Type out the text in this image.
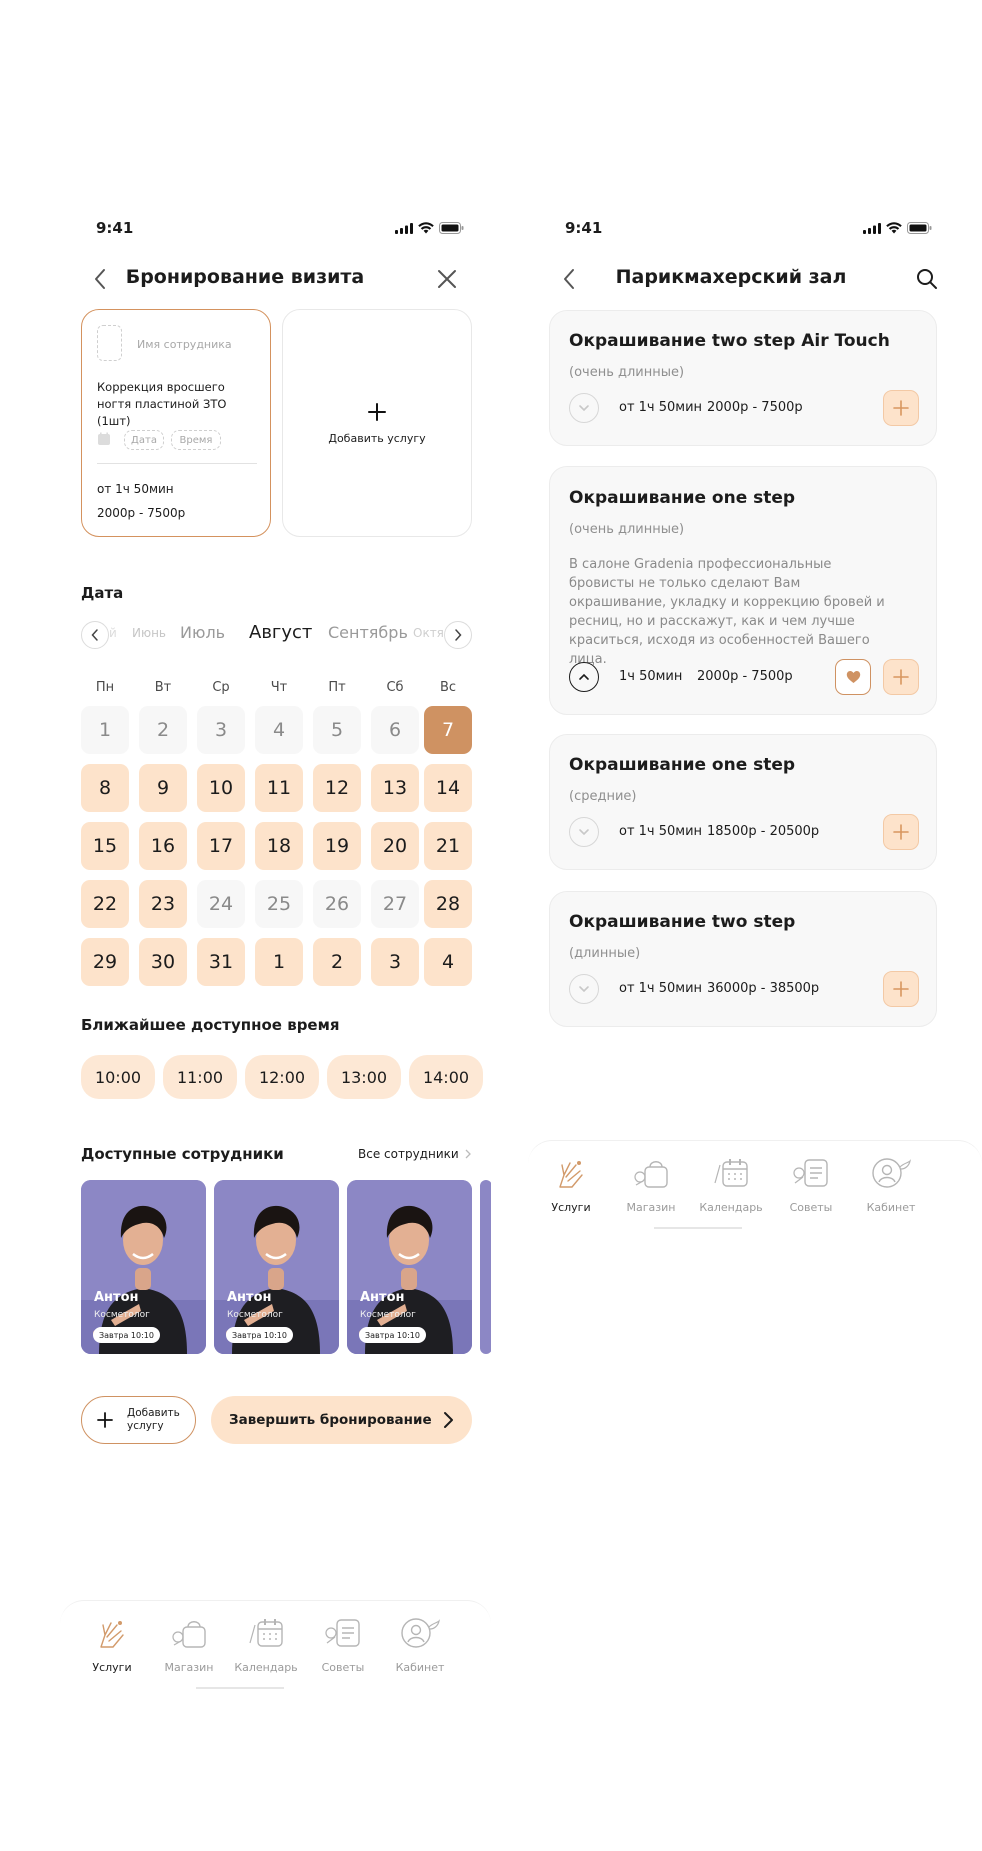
9:41
Бронирование визита
Имя сотрудника
Коррекция вросшего ногтя пластиной ЗТО (1шт)
Дата	Время
от 1ч 50мин
2000р - 7500р
Добавить услугу
Дата
й Июнь Июль Август Сентябрь Октя
Пн	Вт	Ср	Чт	Пт	Сб	Вс
1	2	3	4	5	6	7
8	9	10	11	12	13	14
15	16	17	18	19	20	21
22	23	24	25	26	27	28
29	30	31	1	2	3	4
Ближайшее доступное время
10:00	11:00	12:00	13:00	14:00
Доступные сотрудники	Все сотрудники
Антон
Косметолог
Завтра 10:10
Антон
Косметолог
Завтра 10:10
Антон
Косметолог
Завтра 10:10
Добавить услугу	Завершить бронирование
Услуги	Магазин Календарь Советы	Кабинет
9:41
Парикмахерский зал
Окрашивание two step Air Touch
(очень длинные)
от 1ч 50мин 2000р - 7500р
Окрашивание one step
(очень длинные)
В салоне Gradenia профессиональные бровисты не только сделают Вам окрашивание, укладку и коррекцию бровей и ресниц, но и расскажут, как и чем лучше краситься, исходя из особенностей Вашего лица.
1ч 50мин 2000р - 7500р
Окрашивание one step
(средние)
от 1ч 50мин 18500р - 20500р
Окрашивание two step
(длинные)
от 1ч 50мин 36000р - 38500р
Услуги	Магазин Календарь Советы	Кабинет
